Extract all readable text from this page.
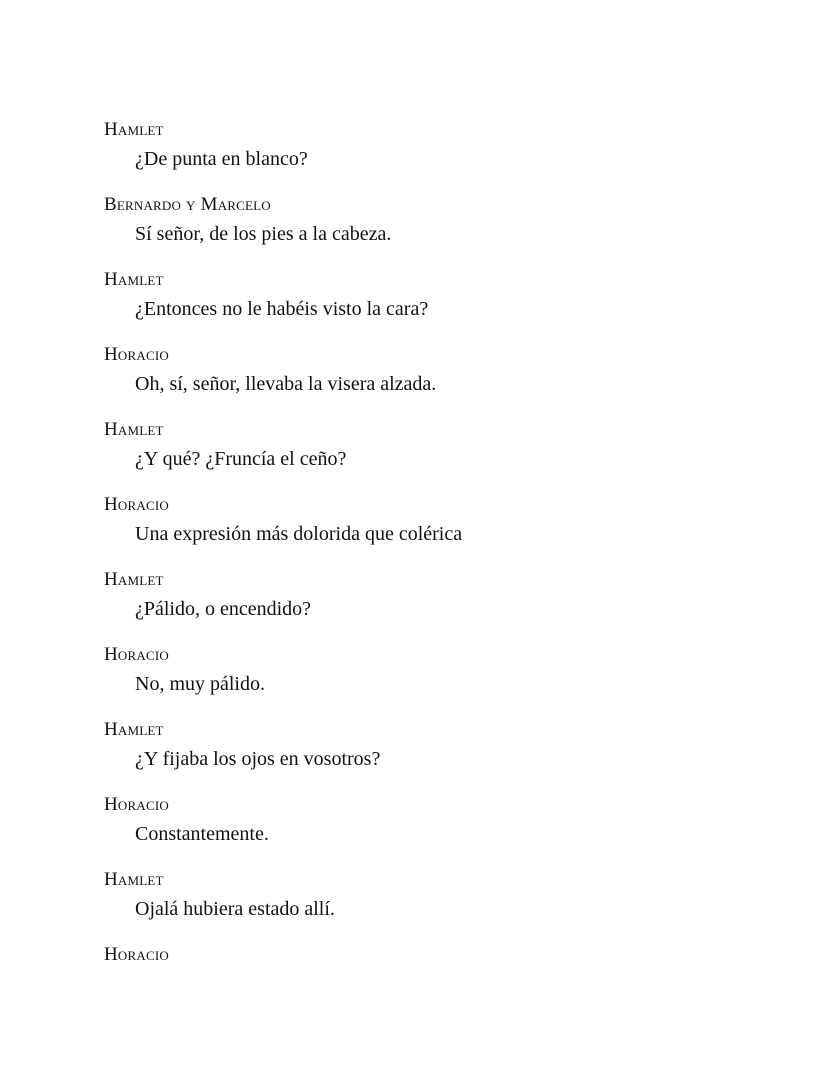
Hamlet
¿De punta en blanco?
Bernardo y Marcelo
Sí señor, de los pies a la cabeza.
Hamlet
¿Entonces no le habéis visto la cara?
Horacio
Oh, sí, señor, llevaba la visera alzada.
Hamlet
¿Y qué? ¿Fruncía el ceño?
Horacio
Una expresión más dolorida que colérica
Hamlet
¿Pálido, o encendido?
Horacio
No, muy pálido.
Hamlet
¿Y fijaba los ojos en vosotros?
Horacio
Constantemente.
Hamlet
Ojalá hubiera estado allí.
Horacio
